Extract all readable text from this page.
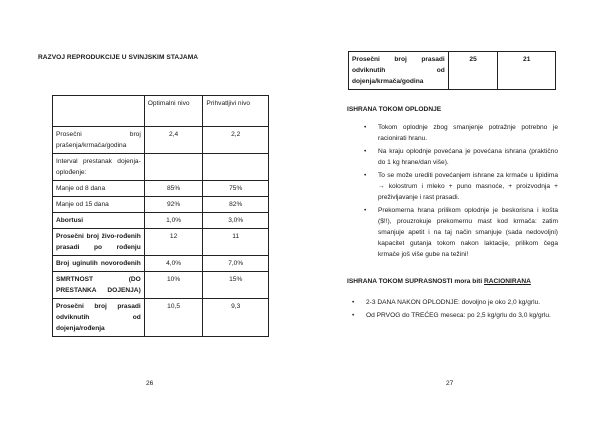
RAZVOJ REPRODUKCIJE U SVINJSKIM STAJAMA
	Optimalni nivo	Prihvatljivi nivo
Prosečni broj prašenja/krmača/godina	2,4	2,2
Interval prestanak dojenja-oplođenje:		
Manje od 8 dana	85%	75%
Manje od 15 dana	92%	82%
Abortusi	1,0%	3,0%
Prosečni broj živo-rođenih prasadi po rođenju	12	11
Broj uginulih novorođenih	4,0%	7,0%
SMRTNOST (DO PRESTANKA DOJENJA)	10%	15%
Prosečni broj prasadi odviknutih od dojenja/rođenja	10,5	9,3
26
Prosečni broj prasadi odviknutih od dojenja/krmača/godina	25	21
ISHRANA TOKOM OPLODNJE
• Tokom oplodnje zbog smanjenje potražnje potrebno je racionirati hranu.
• Na kraju oplodnje povećana je povećana ishrana (praktično do 1 kg hrane/dan više).
• To se može urediti povećanjem ishrane za krmače u lipidima → kolostrum i mleko + puno masnoće, + proizvodnja + preživljavanje i rast prasadi.
• Prekomerna hrana prilikom oplodnje je beskorisna i košta ($!!), prouzrokuje prekomernu mast kod krmača: zatim smanjuje apetit i na taj način smanjuje (sada nedovoljni) kapacitet gutanja tokom nakon laktacije, prilikom čega krmače još više gube na težini!
ISHRANA TOKOM SUPRASNOSTI mora biti RACIONIRANA
• 2-3 DANA NAKON OPLODNJE: dovoljno je oko 2,0 kg/grlu.
• Od PRVOG do TREĆEG meseca: po 2,5 kg/grlu do 3,0 kg/grlu.
27
